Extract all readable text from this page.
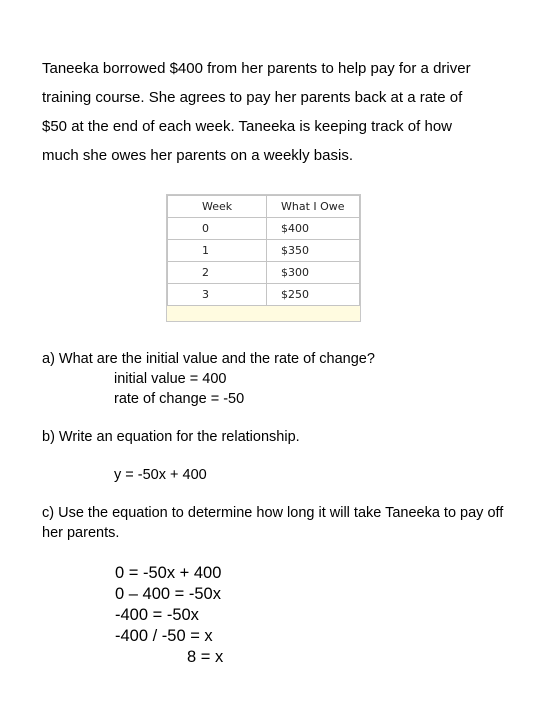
Taneeka borrowed $400 from her parents to help pay for a driver
training course. She agrees to pay her parents back at a rate of
$50 at the end of each week. Taneeka is keeping track of how
much she owes her parents on a weekly basis.

Week	What I Owe
0	$400
1	$350
2	$300
3	$250

a) What are the initial value and the rate of change?

initial value = 400

rate of change = -50

b) Write an equation for the relationship.

y = -50x + 400

c) Use the equation to determine how long it will take Taneeka to pay off her parents.

0 = -50x + 400
0 – 400 = -50x
-400 = -50x
-400 / -50 = x
8 = x
